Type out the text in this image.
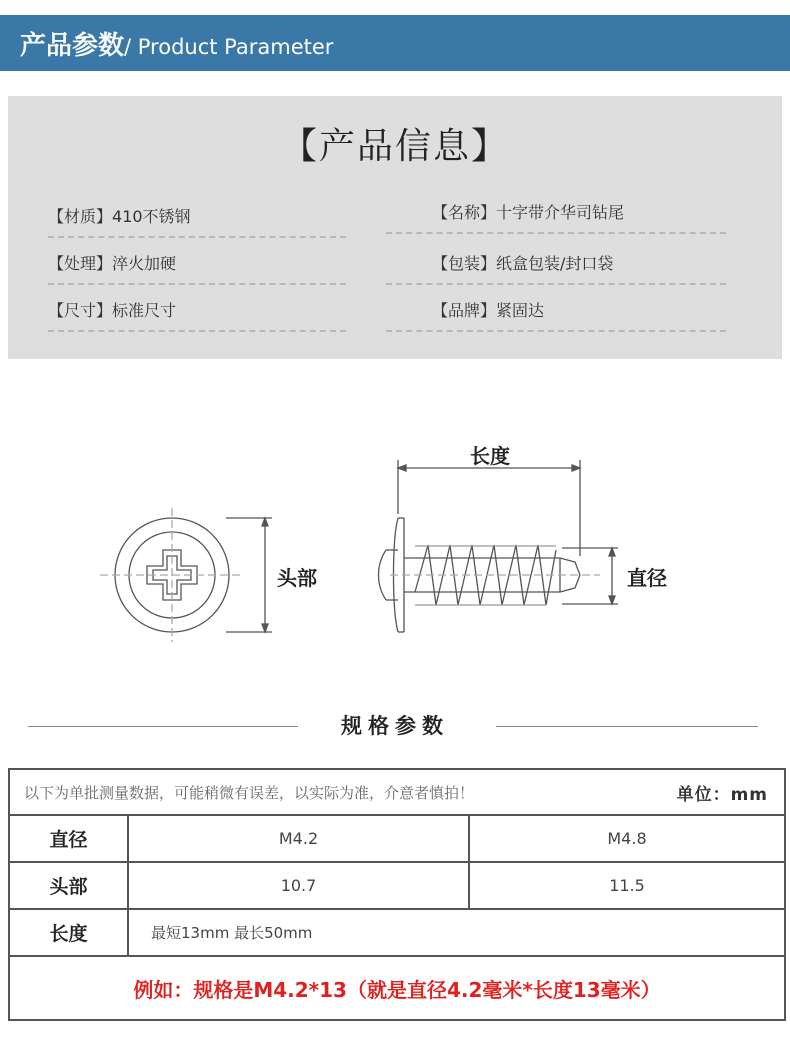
产品参数/ Product Parameter
【产品信息】
【材质】410不锈钢	【名称】十字带介华司钻尾
【处理】淬火加硬	【包装】纸盒包装/封口袋
【尺寸】标准尺寸	【品牌】紧固达
长度
头部	直径
规格参数
以下为单批测量数据，可能稍微有误差，以实际为准，介意者慎拍！ 单位：mm		

直径	M4.2	M4.8
头部	10.7	11.5
长度	最短13mm 最长50mm	
例如：规格是M4.2*13（就是直径4.2毫米*长度13毫米）		
